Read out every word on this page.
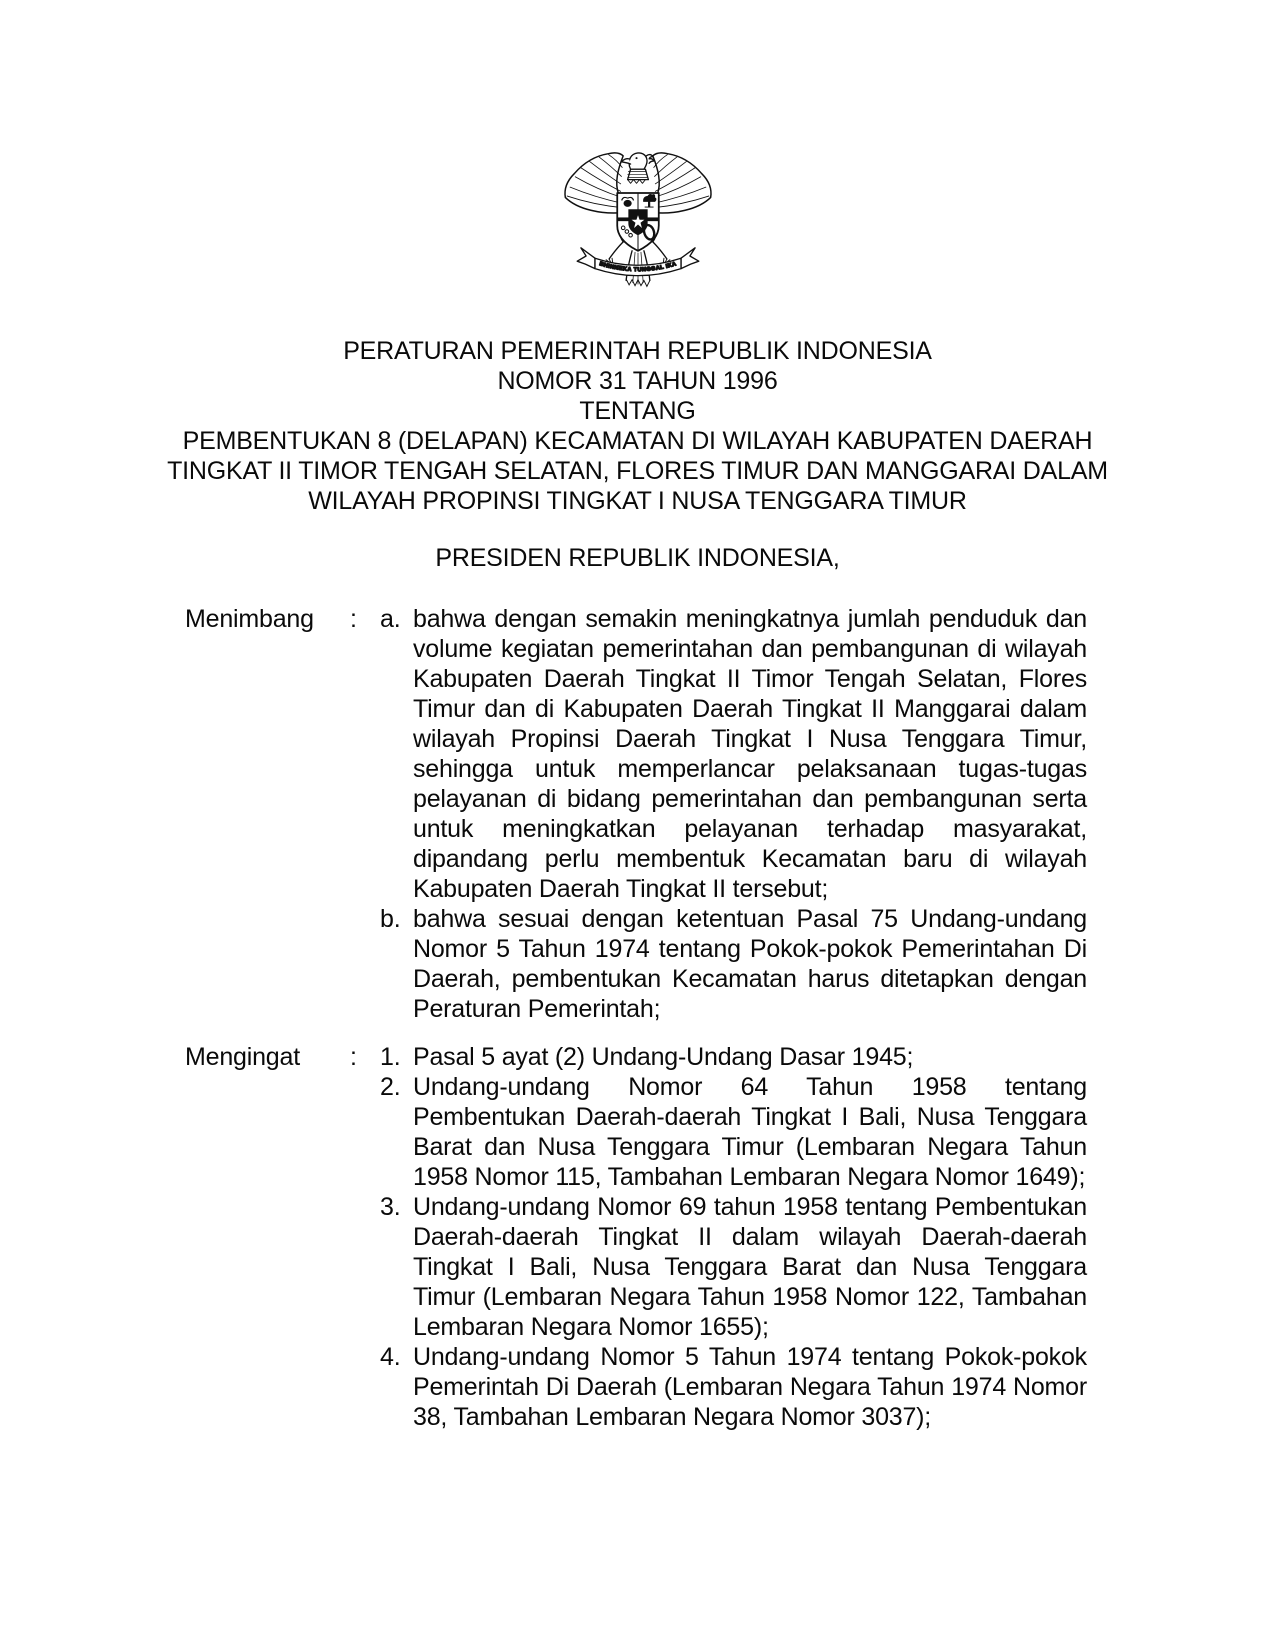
BHINNEKA TUNGGAL IKA
PERATURAN PEMERINTAH REPUBLIK INDONESIA
NOMOR 31 TAHUN 1996
TENTANG
PEMBENTUKAN 8 (DELAPAN) KECAMATAN DI WILAYAH KABUPATEN DAERAH
TINGKAT II TIMOR TENGAH SELATAN, FLORES TIMUR DAN MANGGARAI DALAM
WILAYAH PROPINSI TINGKAT I NUSA TENGGARA TIMUR
PRESIDEN REPUBLIK INDONESIA,
Menimbang	: a. bahwa dengan semakin meningkatnya jumlah penduduk dan volume kegiatan pemerintahan dan pembangunan di wilayah Kabupaten Daerah Tingkat II Timor Tengah Selatan, Flores Timur dan di Kabupaten Daerah Tingkat II Manggarai dalam wilayah Propinsi Daerah Tingkat I Nusa Tenggara Timur, sehingga untuk memperlancar pelaksanaan tugas-tugas pelayanan di bidang pemerintahan dan pembangunan serta untuk meningkatkan pelayanan terhadap masyarakat, dipandang perlu membentuk Kecamatan baru di wilayah Kabupaten Daerah Tingkat II tersebut;
b. bahwa sesuai dengan ketentuan Pasal 75 Undang-undang Nomor 5 Tahun 1974 tentang Pokok-pokok Pemerintahan Di Daerah, pembentukan Kecamatan harus ditetapkan dengan Peraturan Pemerintah;
Mengingat	: 1. Pasal 5 ayat (2) Undang-Undang Dasar 1945;
2. Undang-undang Nomor 64 Tahun 1958 tentang Pembentukan Daerah-daerah Tingkat I Bali, Nusa Tenggara Barat dan Nusa Tenggara Timur (Lembaran Negara Tahun 1958 Nomor 115, Tambahan Lembaran Negara Nomor 1649);
3. Undang-undang Nomor 69 tahun 1958 tentang Pembentukan Daerah-daerah Tingkat II dalam wilayah Daerah-daerah Tingkat I Bali, Nusa Tenggara Barat dan Nusa Tenggara Timur (Lembaran Negara Tahun 1958 Nomor 122, Tambahan Lembaran Negara Nomor 1655);
4. Undang-undang Nomor 5 Tahun 1974 tentang Pokok-pokok Pemerintah Di Daerah (Lembaran Negara Tahun 1974 Nomor 38, Tambahan Lembaran Negara Nomor 3037);
